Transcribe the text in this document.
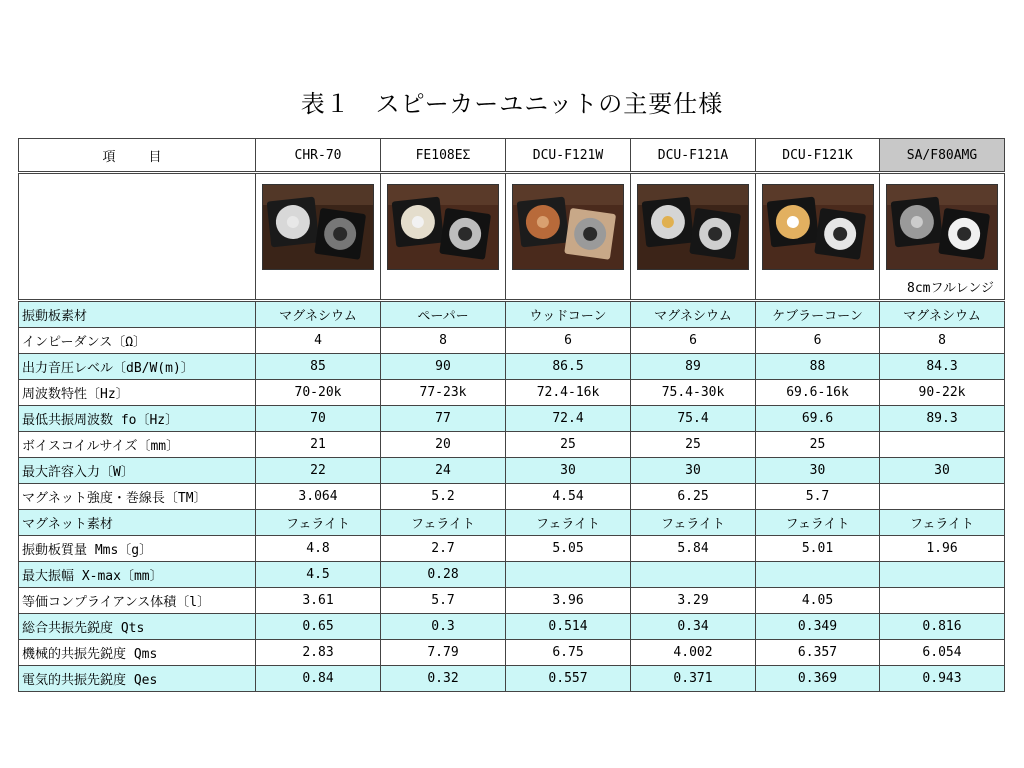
表１　スピーカーユニットの主要仕様
項　目	CHR-70	FE108EΣ	DCU-F121W	DCU-F121A	DCU-F121K	SA/F80AMG

8cmフルレンジ

振動板素材	マグネシウム	ペーパー	ウッドコーン	マグネシウム	ケブラーコーン	マグネシウム
インピーダンス〔Ω〕	4	8	6	6	6	8
出力音圧レベル〔dB/W(m)〕	85	90	86.5	89	88	84.3
周波数特性〔Hz〕	70-20k	77-23k	72.4-16k	75.4-30k	69.6-16k	90-22k
最低共振周波数 fo〔Hz〕	70	77	72.4	75.4	69.6	89.3
ボイスコイルサイズ〔mm〕	21	20	25	25	25	
最大許容入力〔W〕	22	24	30	30	30	30
マグネット強度・巻線長〔TM〕	3.064	5.2	4.54	6.25	5.7	
マグネット素材	フェライト	フェライト	フェライト	フェライト	フェライト	フェライト
振動板質量 Mms〔g〕	4.8	2.7	5.05	5.84	5.01	1.96
最大振幅 X-max〔mm〕	4.5	0.28				
等価コンプライアンス体積〔l〕	3.61	5.7	3.96	3.29	4.05	
総合共振先鋭度 Qts	0.65	0.3	0.514	0.34	0.349	0.816
機械的共振先鋭度 Qms	2.83	7.79	6.75	4.002	6.357	6.054
電気的共振先鋭度 Qes	0.84	0.32	0.557	0.371	0.369	0.943
